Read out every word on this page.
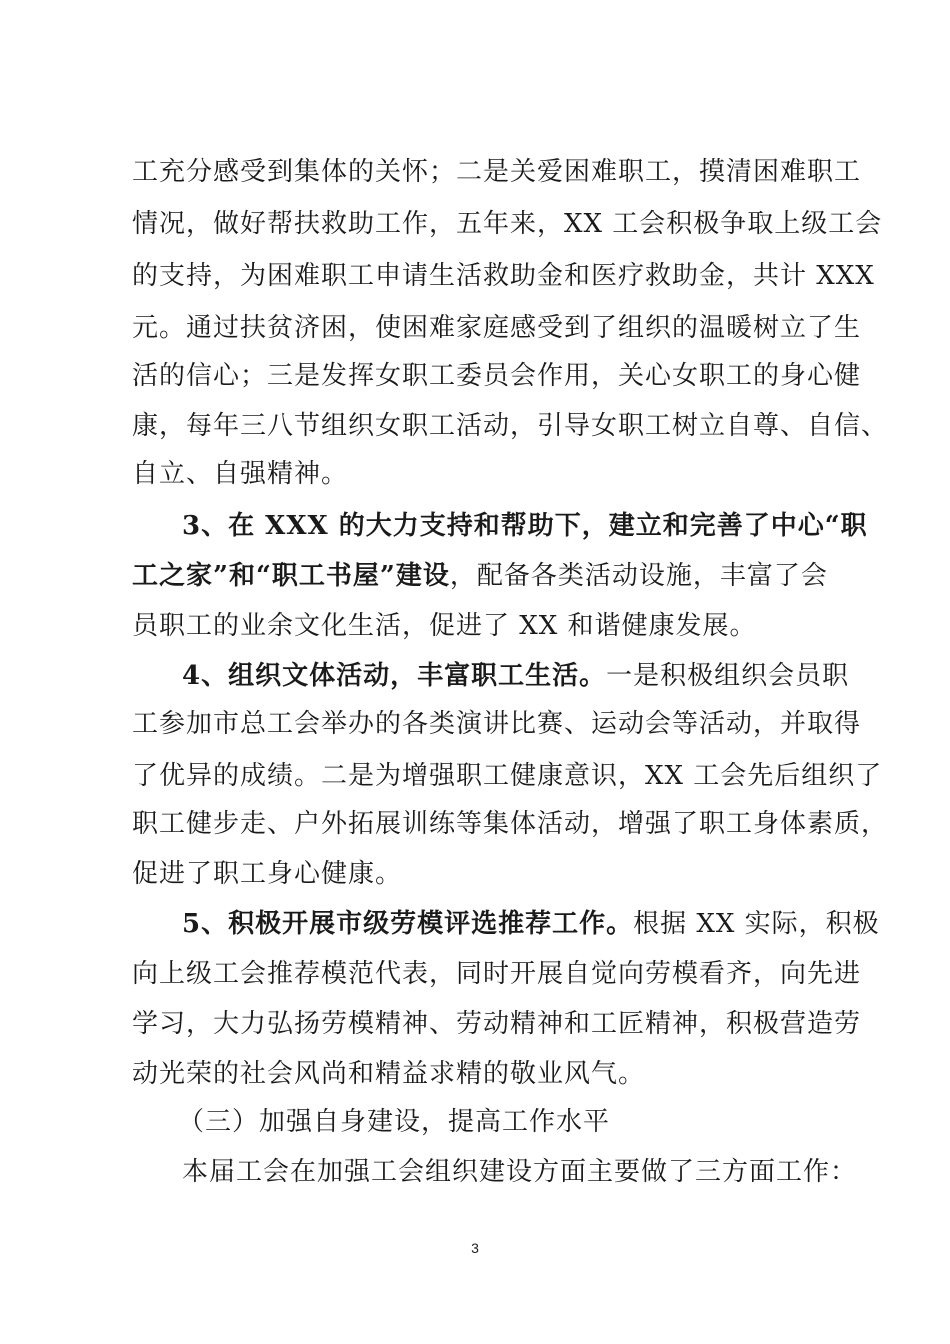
工充分感受到集体的关怀；二是关爱困难职工，摸清困难职工
情况，做好帮扶救助工作，五年来，XX 工会积极争取上级工会
的支持，为困难职工申请生活救助金和医疗救助金，共计 XXX
元。通过扶贫济困，使困难家庭感受到了组织的温暖树立了生
活的信心；三是发挥女职工委员会作用，关心女职工的身心健
康，每年三八节组织女职工活动，引导女职工树立自尊、自信、
自立、自强精神。
3、在 XXX 的大力支持和帮助下，建立和完善了中心“职
工之家”和“职工书屋”建设，配备各类活动设施，丰富了会
员职工的业余文化生活，促进了 XX 和谐健康发展。
4、组织文体活动，丰富职工生活。一是积极组织会员职
工参加市总工会举办的各类演讲比赛、运动会等活动，并取得
了优异的成绩。二是为增强职工健康意识，XX 工会先后组织了
职工健步走、户外拓展训练等集体活动，增强了职工身体素质，
促进了职工身心健康。
5、积极开展市级劳模评选推荐工作。根据 XX 实际，积极
向上级工会推荐模范代表，同时开展自觉向劳模看齐，向先进
学习，大力弘扬劳模精神、劳动精神和工匠精神，积极营造劳
动光荣的社会风尚和精益求精的敬业风气。
（三）加强自身建设，提高工作水平
本届工会在加强工会组织建设方面主要做了三方面工作：
3
